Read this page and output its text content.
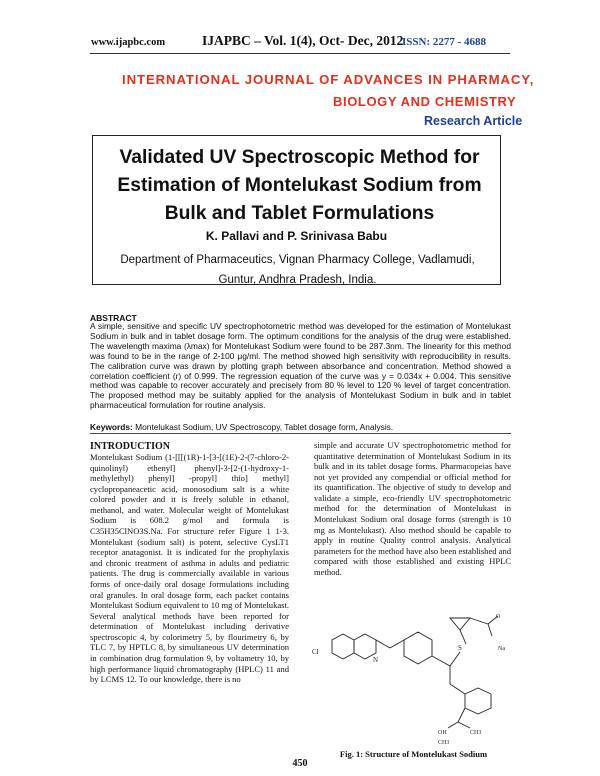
www.ijapbc.com	IJAPBC – Vol. 1(4), Oct- Dec, 2012
ISSN: 2277 - 4688
INTERNATIONAL JOURNAL OF ADVANCES IN PHARMACY,
BIOLOGY AND CHEMISTRY
Research Article
Validated UV Spectroscopic Method for Estimation of Montelukast Sodium from Bulk and Tablet Formulations
K. Pallavi and P. Srinivasa Babu
Department of Pharmaceutics, Vignan Pharmacy College, Vadlamudi, Guntur, Andhra Pradesh, India.
ABSTRACT
A simple, sensitive and specific UV spectrophotometric method was developed for the estimation of Montelukast Sodium in bulk and in tablet dosage form. The optimum conditions for the analysis of the drug were established. The wavelength maxima (λmax) for Montelukast Sodium were found to be 287.3nm. The linearity for this method was found to be in the range of 2-100 μg/ml. The method showed high sensitivity with reproducibility in results. The calibration curve was drawn by plotting graph between absorbance and concentration. Method showed a correlation coefficient (r) of 0.999. The regression equation of the curve was y = 0.034x + 0.004. This sensitive method was capable to recover accurately and precisely from 80 % level to 120 % level of target concentration. The proposed method may be suitably applied for the analysis of Montelukast Sodium in bulk and in tablet pharmaceutical formulation for routine analysis.
Keywords: Montelukast Sodium, UV Spectroscopy, Tablet dosage form, Analysis.
INTRODUCTION
Montelukast Sodium (1-[[[(1R)-1-[3-[(1E)-2-(7-chloro-2-quinolinyl) ethenyl] phenyl]-3-[2-(1-hydroxy-1- methylethyl) phenyl] -propyl] thio] methyl] cyclopropaneacetic acid, monosodium salt is a white colored powder and it is freely soluble in ethanol, methanol, and water. Molecular weight of Montelukast Sodium is 608.2 g/mol and formula is C35H35ClNO3S.Na. For structure refer Figure 1 1-3. Montelukast (sodium salt) is potent, selective CysLT1 receptor anatagonist. It is indicated for the prophylaxis and chronic treatment of asthma in adults and pediatric patients. The drug is commercially available in various forms of once-daily oral dosage formulations including oral granules. In oral dosage form, each packet contains Montelukast Sodium equivalent to 10 mg of Montelukast. Several analytical methods have been reported for determination of Montelukast including derivative spectroscopic 4, by colorimetry 5, by flourimetry 6, by TLC 7, by HPTLC 8, by simultaneous UV determination in combination drug formulation 9, by voltametry 10, by high performance liquid chromatography (HPLC) 11 and by LCMS 12. To our knowledge, there is no
simple and accurate UV spectrophotometric method for quantitative determination of Montelukast Sodium in its bulk and in its tablet dosage forms. Pharmacopeias have not yet provided any compendial or official method for its quantification. The objective of study to develop and validate a simple, eco-friendly UV spectrophotometric method for the determination of Montelukast in Montelukast Sodium oral dosage forms (strength is 10 mg as Montelukast). Also method should be capable to apply in routine Quality control analysis. Analytical parameters for the method have also been established and compared with those established and existing HPLC method.
Cl
N
S	Na
O
OH	CH3
CH3
Fig. 1: Structure of Montelukast Sodium
450
